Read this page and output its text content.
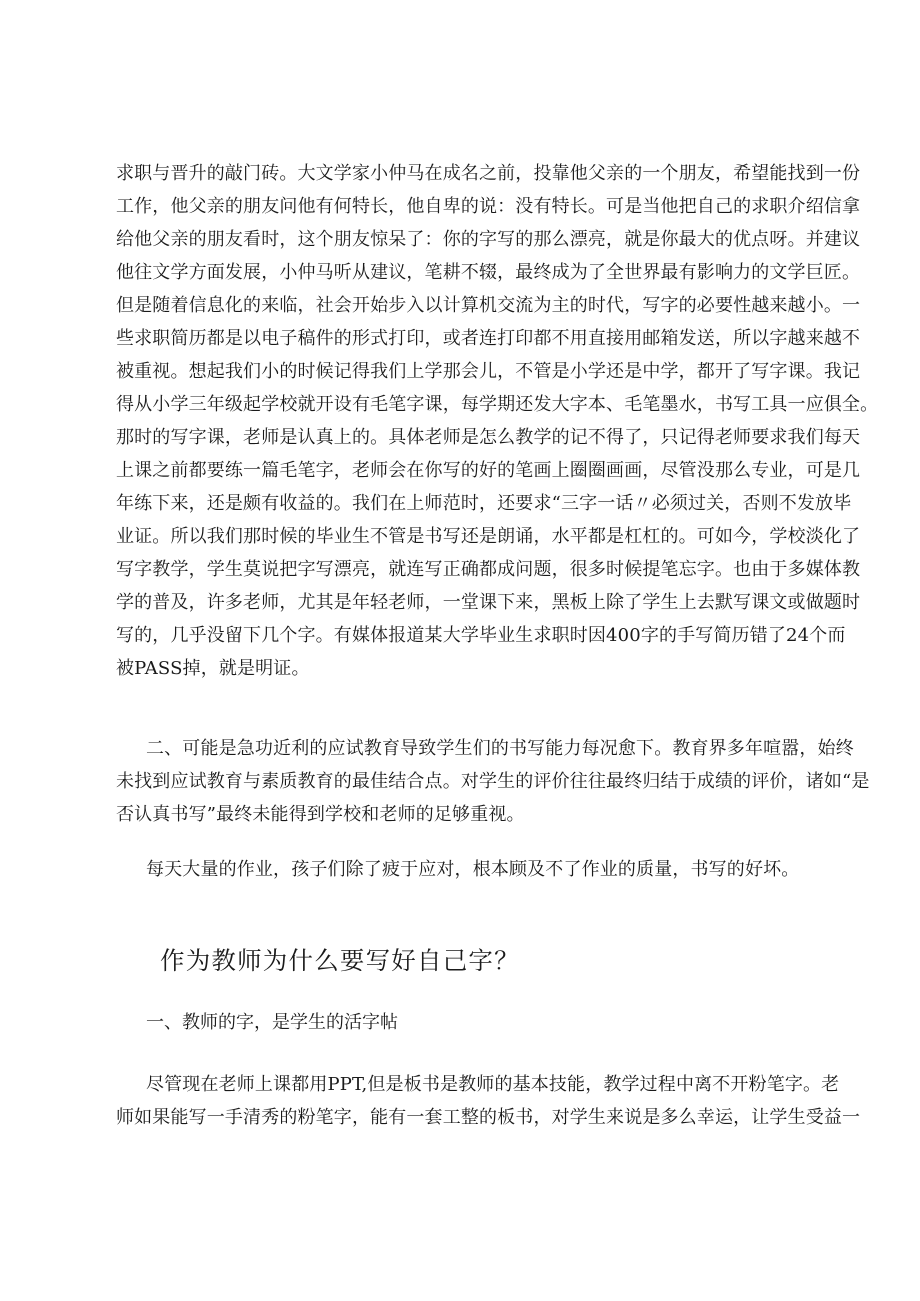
求职与晋升的敲门砖。大文学家小仲马在成名之前，投靠他父亲的一个朋友，希望能找到一份
工作，他父亲的朋友问他有何特长，他自卑的说：没有特长。可是当他把自己的求职介绍信拿
给他父亲的朋友看时，这个朋友惊呆了：你的字写的那么漂亮，就是你最大的优点呀。并建议
他往文学方面发展，小仲马听从建议，笔耕不辍，最终成为了全世界最有影响力的文学巨匠。
但是随着信息化的来临，社会开始步入以计算机交流为主的时代，写字的必要性越来越小。一
些求职简历都是以电子稿件的形式打印，或者连打印都不用直接用邮箱发送，所以字越来越不
被重视。想起我们小的时候记得我们上学那会儿，不管是小学还是中学，都开了写字课。我记
得从小学三年级起学校就开设有毛笔字课，每学期还发大字本、毛笔墨水，书写工具一应俱全。
那时的写字课，老师是认真上的。具体老师是怎么教学的记不得了，只记得老师要求我们每天
上课之前都要练一篇毛笔字，老师会在你写的好的笔画上圈圈画画，尽管没那么专业，可是几
年练下来，还是颇有收益的。我们在上师范时，还要求“三字一话〃必须过关，否则不发放毕
业证。所以我们那时候的毕业生不管是书写还是朗诵，水平都是杠杠的。可如今，学校淡化了
写字教学，学生莫说把字写漂亮，就连写正确都成问题，很多时候提笔忘字。也由于多媒体教
学的普及，许多老师，尤其是年轻老师，一堂课下来，黑板上除了学生上去默写课文或做题时
写的，几乎没留下几个字。有媒体报道某大学毕业生求职时因400字的手写简历错了24个而
被PASS掉，就是明证。
二、可能是急功近利的应试教育导致学生们的书写能力每况愈下。教育界多年喧嚣，始终
未找到应试教育与素质教育的最佳结合点。对学生的评价往往最终归结于成绩的评价，诸如“是
否认真书写”最终未能得到学校和老师的足够重视。
每天大量的作业，孩子们除了疲于应对，根本顾及不了作业的质量，书写的好坏。
作为教师为什么要写好自己字？
一、教师的字，是学生的活字帖
尽管现在老师上课都用PPT,但是板书是教师的基本技能，教学过程中离不开粉笔字。老
师如果能写一手清秀的粉笔字，能有一套工整的板书，对学生来说是多么幸运，让学生受益一
